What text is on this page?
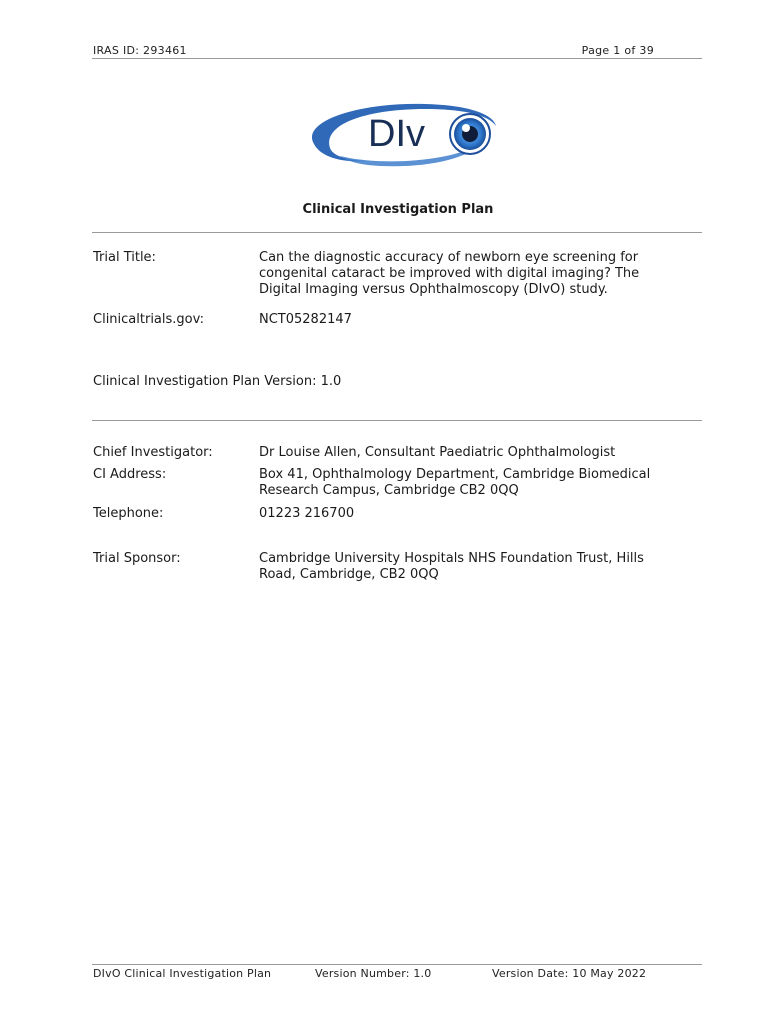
IRAS ID: 293461	Page 1 of 39
DIv
Clinical Investigation Plan
Trial Title:	Can the diagnostic accuracy of newborn eye screening for congenital cataract be improved with digital imaging? The Digital Imaging versus Ophthalmoscopy (DIvO) study.
Clinicaltrials.gov:	NCT05282147
Clinical Investigation Plan Version: 1.0
Chief Investigator:	Dr Louise Allen, Consultant Paediatric Ophthalmologist
CI Address:	Box 41, Ophthalmology Department, Cambridge Biomedical Research Campus, Cambridge CB2 0QQ
Telephone:	01223 216700
Trial Sponsor:	Cambridge University Hospitals NHS Foundation Trust, Hills Road, Cambridge, CB2 0QQ
DIvO Clinical Investigation Plan	Version Number: 1.0	Version Date: 10 May 2022
